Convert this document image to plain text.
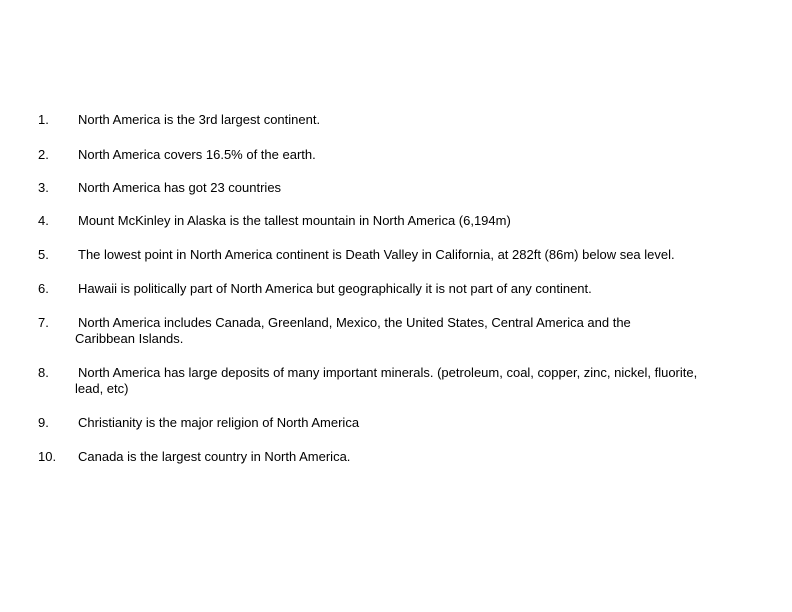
1. North America is the 3rd largest continent.
2. North America covers 16.5% of the earth.
3. North America has got 23 countries
4. Mount McKinley in Alaska is the tallest mountain in North America (6,194m)
5. The lowest point in North America continent is Death Valley in California, at 282ft (86m) below sea level.
6. Hawaii is politically part of North America but geographically it is not part of any continent.
7. North America includes Canada, Greenland, Mexico, the United States, Central America and the Caribbean Islands.
8. North America has large deposits of many important minerals. (petroleum, coal, copper, zinc, nickel, fluorite, lead, etc)
9. Christianity is the major religion of North America
10. Canada is the largest country in North America.
